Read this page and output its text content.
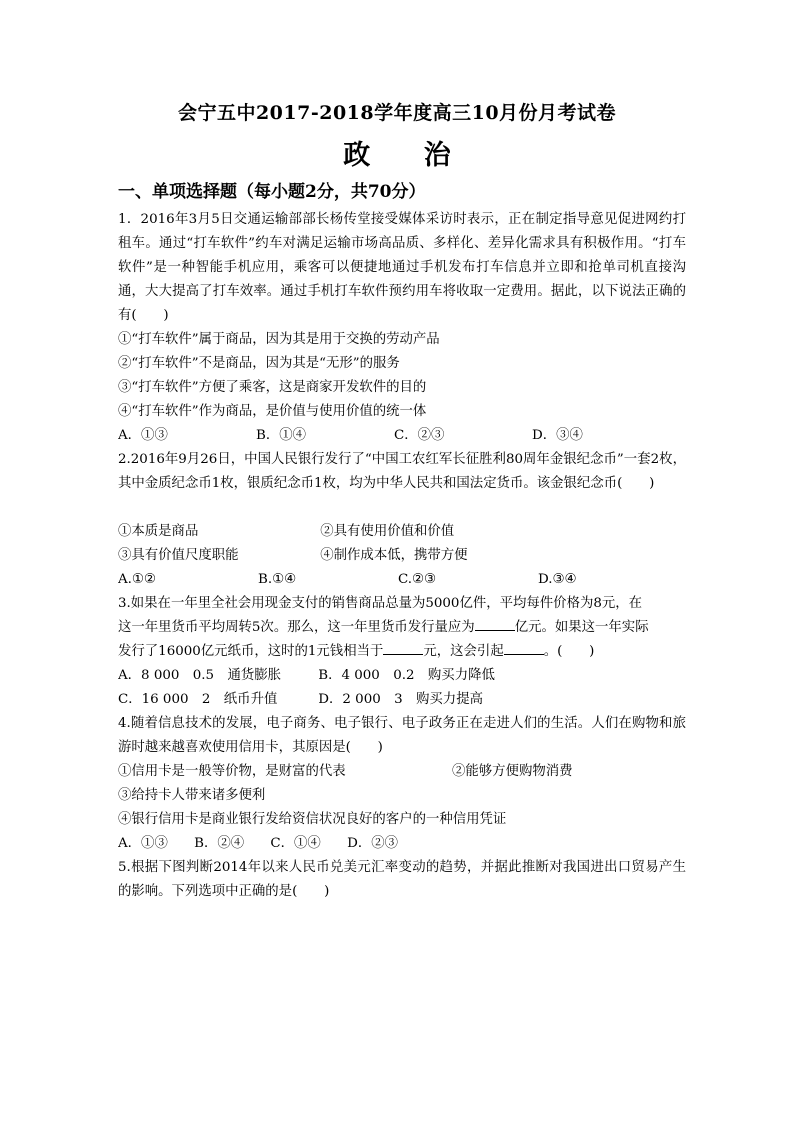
会宁五中2017-2018学年度高三10月份月考试卷
政 治
一、单项选择题（每小题2分，共70分）
1．2016年3月5日交通运输部部长杨传堂接受媒体采访时表示，正在制定指导意见促进网约打租车。通过“打车软件”约车对满足运输市场高品质、多样化、差异化需求具有积极作用。“打车软件”是一种智能手机应用，乘客可以便捷地通过手机发布打车信息并立即和抢单司机直接沟通，大大提高了打车效率。通过手机打车软件预约用车将收取一定费用。据此，以下说法正确的有(　　)
①“打车软件”属于商品，因为其是用于交换的劳动产品
②“打车软件”不是商品，因为其是“无形”的服务
③“打车软件”方便了乘客，这是商家开发软件的目的
④“打车软件”作为商品，是价值与使用价值的统一体
A．①③	B．①④	C．②③	D．③④
2.2016年9月26日，中国人民银行发行了“中国工农红军长征胜利80周年金银纪念币”一套2枚，其中金质纪念币1枚，银质纪念币1枚，均为中华人民共和国法定货币。该金银纪念币(　　)
①本质是商品	②具有使用价值和价值
③具有价值尺度职能	④制作成本低，携带方便
A.①②	B.①④	C.②③	D.③④
3.如果在一年里全社会用现金支付的销售商品总量为5000亿件，平均每件价格为8元，在
这一年里货币平均周转5次。那么，这一年里货币发行量应为	亿元。如果这一年实际
发行了16000亿元纸币，这时的1元钱相当于	元，这会引起	。(　　)
A．8 000　0.5　通货膨胀	B．4 000　0.2　购买力降低
C．16 000　2　纸币升值	D．2 000　3　购买力提高
4.随着信息技术的发展，电子商务、电子银行、电子政务正在走进人们的生活。人们在购物和旅游时越来越喜欢使用信用卡，其原因是(　　)
①信用卡是一般等价物，是财富的代表	②能够方便购物消费
③给持卡人带来诸多便利
④银行信用卡是商业银行发给资信状况良好的客户的一种信用凭证
A．①③ B．②④ C．①④ D．②③
5.根据下图判断2014年以来人民币兑美元汇率变动的趋势，并据此推断对我国进出口贸易产生的影响。下列选项中正确的是(　　)
